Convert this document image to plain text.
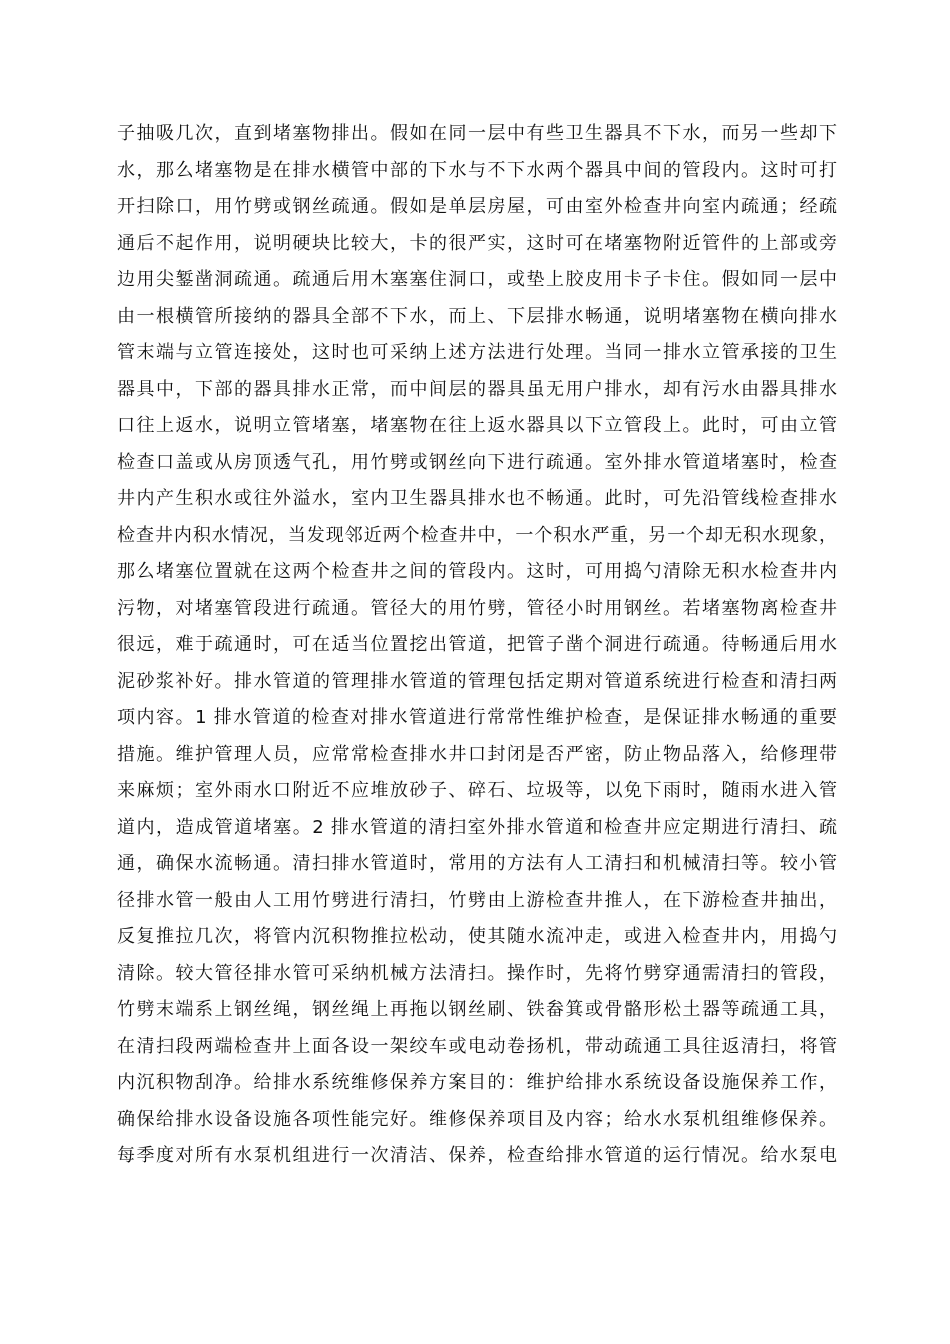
子抽吸几次，直到堵塞物排出。假如在同一层中有些卫生器具不下水，而另一些却下
水，那么堵塞物是在排水横管中部的下水与不下水两个器具中间的管段内。这时可打
开扫除口，用竹劈或钢丝疏通。假如是单层房屋，可由室外检查井向室内疏通；经疏
通后不起作用，说明硬块比较大，卡的很严实，这时可在堵塞物附近管件的上部或旁
边用尖錾凿洞疏通。疏通后用木塞塞住洞口，或垫上胶皮用卡子卡住。假如同一层中
由一根横管所接纳的器具全部不下水，而上、下层排水畅通，说明堵塞物在横向排水
管末端与立管连接处，这时也可采纳上述方法进行处理。当同一排水立管承接的卫生
器具中，下部的器具排水正常，而中间层的器具虽无用户排水，却有污水由器具排水
口往上返水，说明立管堵塞，堵塞物在往上返水器具以下立管段上。此时，可由立管
检查口盖或从房顶透气孔，用竹劈或钢丝向下进行疏通。室外排水管道堵塞时，检查
井内产生积水或往外溢水，室内卫生器具排水也不畅通。此时，可先沿管线检查排水
检查井内积水情况，当发现邻近两个检查井中，一个积水严重，另一个却无积水现象，
那么堵塞位置就在这两个检查井之间的管段内。这时，可用捣勺清除无积水检查井内
污物，对堵塞管段进行疏通。管径大的用竹劈，管径小时用钢丝。若堵塞物离检查井
很远，难于疏通时，可在适当位置挖出管道，把管子凿个洞进行疏通。待畅通后用水
泥砂浆补好。排水管道的管理排水管道的管理包括定期对管道系统进行检查和清扫两
项内容。1 排水管道的检查对排水管道进行常常性维护检查，是保证排水畅通的重要
措施。维护管理人员，应常常检查排水井口封闭是否严密，防止物品落入，给修理带
来麻烦；室外雨水口附近不应堆放砂子、碎石、垃圾等，以免下雨时，随雨水进入管
道内，造成管道堵塞。2 排水管道的清扫室外排水管道和检查井应定期进行清扫、疏
通，确保水流畅通。清扫排水管道时，常用的方法有人工清扫和机械清扫等。较小管
径排水管一般由人工用竹劈进行清扫，竹劈由上游检查井推人，在下游检查井抽出，
反复推拉几次，将管内沉积物推拉松动，使其随水流冲走，或进入检查井内，用捣勺
清除。较大管径排水管可采纳机械方法清扫。操作时，先将竹劈穿通需清扫的管段，
竹劈末端系上钢丝绳，钢丝绳上再拖以钢丝刷、铁畚箕或骨骼形松土器等疏通工具，
在清扫段两端检查井上面各设一架绞车或电动卷扬机，带动疏通工具往返清扫，将管
内沉积物刮净。给排水系统维修保养方案目的：维护给排水系统设备设施保养工作，
确保给排水设备设施各项性能完好。维修保养项目及内容；给水水泵机组维修保养。
每季度对所有水泵机组进行一次清洁、保养，检查给排水管道的运行情况。给水泵电
